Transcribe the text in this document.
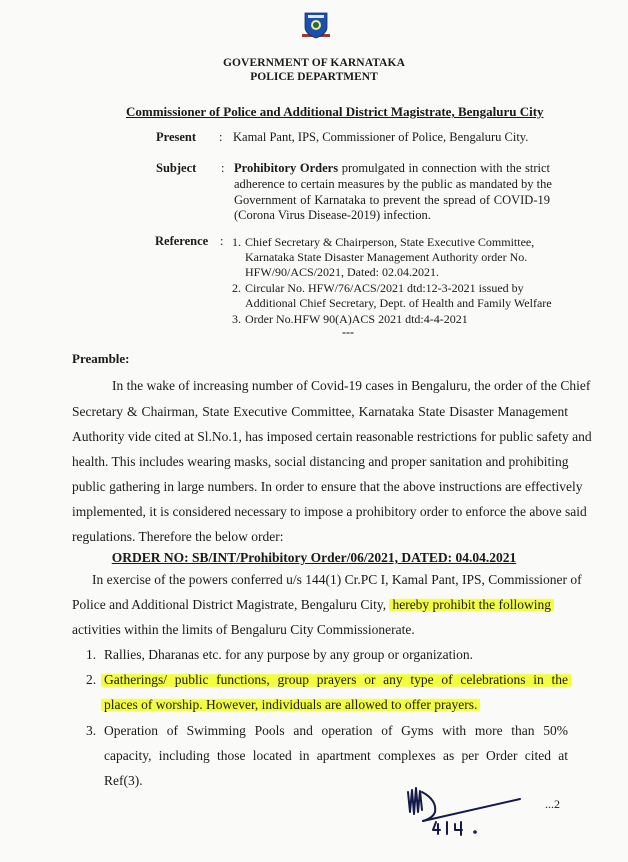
GOVERNMENT OF KARNATAKA
POLICE DEPARTMENT
Commissioner of Police and Additional District Magistrate, Bengaluru City
Present : Kamal Pant, IPS, Commissioner of Police, Bengaluru City.
Subject : Prohibitory Orders promulgated in connection with the strict
adherence to certain measures by the public as mandated by the
Government of Karnataka to prevent the spread of COVID-19
(Corona Virus Disease-2019) infection.
Reference : 1. Chief Secretary & Chairperson, State Executive Committee,
Karnataka State Disaster Management Authority order No.
HFW/90/ACS/2021, Dated: 02.04.2021.
2. Circular No. HFW/76/ACS/2021 dtd:12-3-2021 issued by
Additional Chief Secretary, Dept. of Health and Family Welfare
3. Order No.HFW 90(A)ACS 2021 dtd:4-4-2021
---
Preamble:
In the wake of increasing number of Covid-19 cases in Bengaluru, the order of the Chief
Secretary & Chairman, State Executive Committee, Karnataka State Disaster Management
Authority vide cited at Sl.No.1, has imposed certain reasonable restrictions for public safety and
health. This includes wearing masks, social distancing and proper sanitation and prohibiting
public gathering in large numbers. In order to ensure that the above instructions are effectively
implemented, it is considered necessary to impose a prohibitory order to enforce the above said
regulations. Therefore the below order:
ORDER NO: SB/INT/Prohibitory Order/06/2021, DATED: 04.04.2021
In exercise of the powers conferred u/s 144(1) Cr.PC I, Kamal Pant, IPS, Commissioner of
Police and Additional District Magistrate, Bengaluru City, hereby prohibit the following
activities within the limits of Bengaluru City Commissionerate.
1. Rallies, Dharanas etc. for any purpose by any group or organization.
2. Gatherings/ public functions, group prayers or any type of celebrations in the
places of worship. However, individuals are allowed to offer prayers.
3. Operation of Swimming Pools and operation of Gyms with more than 50%
capacity, including those located in apartment complexes as per Order cited at
Ref(3).
...2
